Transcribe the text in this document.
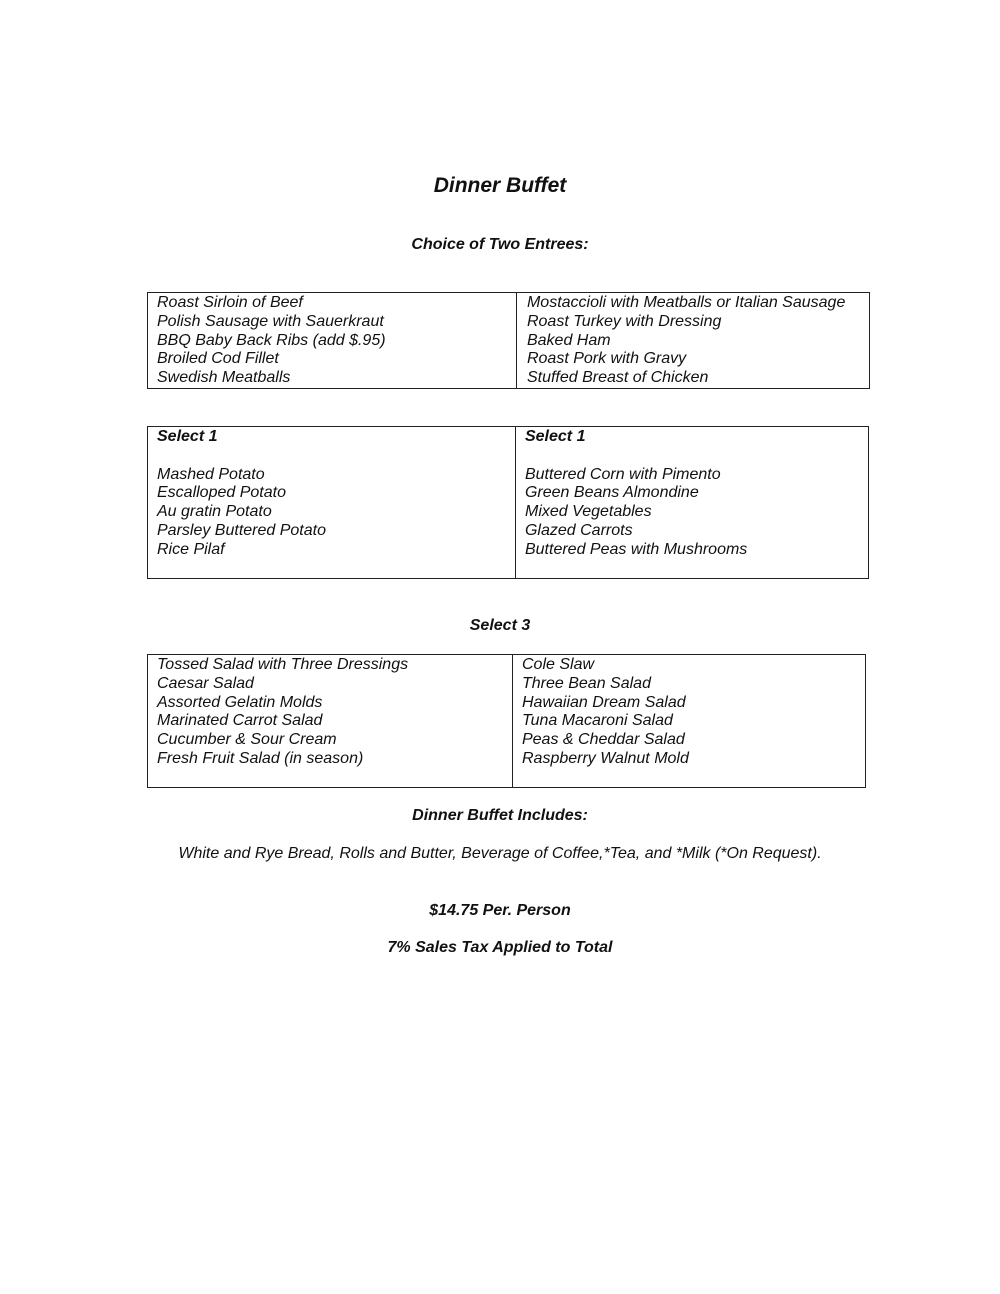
Dinner Buffet
Choice of Two Entrees:
Roast Sirloin of Beef
Polish Sausage with Sauerkraut
BBQ Baby Back Ribs (add $.95)
Broiled Cod Fillet
Swedish Meatballs
Mostaccioli with Meatballs or Italian Sausage
Roast Turkey with Dressing
Baked Ham
Roast Pork with Gravy
Stuffed Breast of Chicken
Select 1
Mashed Potato
Escalloped Potato
Au gratin Potato
Parsley Buttered Potato
Rice Pilaf
Select 1
Buttered Corn with Pimento
Green Beans Almondine
Mixed Vegetables
Glazed Carrots
Buttered Peas with Mushrooms
Select 3
Tossed Salad with Three Dressings
Caesar Salad
Assorted Gelatin Molds
Marinated Carrot Salad
Cucumber & Sour Cream
Fresh Fruit Salad (in season)
Cole Slaw
Three Bean Salad
Hawaiian Dream Salad
Tuna Macaroni Salad
Peas & Cheddar Salad
Raspberry Walnut Mold
Dinner Buffet Includes:
White and Rye Bread, Rolls and Butter, Beverage of Coffee,*Tea, and *Milk (*On Request).
$14.75 Per. Person
7% Sales Tax Applied to Total
